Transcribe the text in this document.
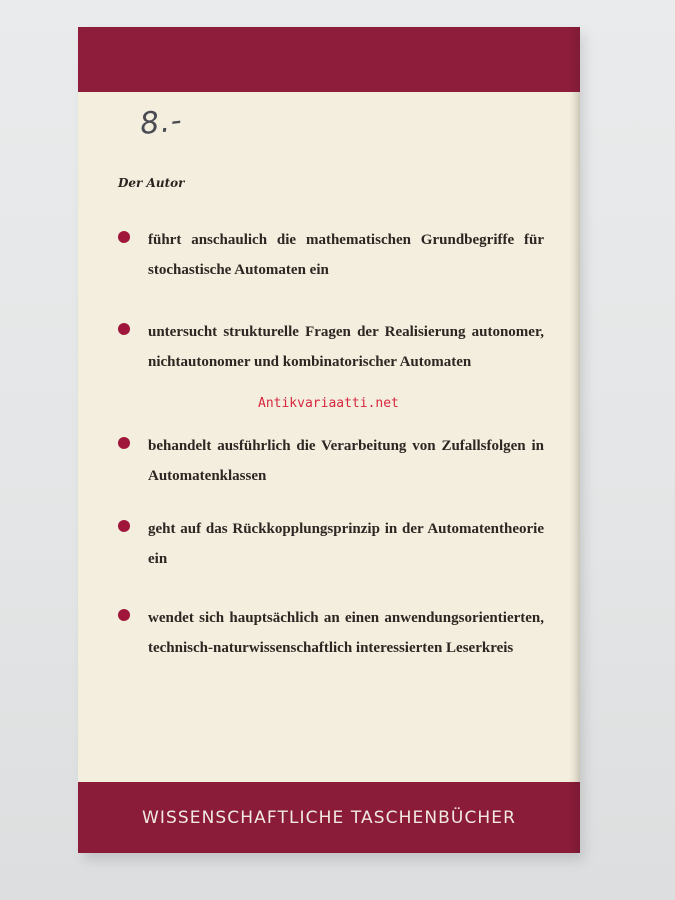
8.-
Der Autor
führt anschaulich die mathematischen Grundbegriffe für stochastische Automaten ein
untersucht strukturelle Fragen der Realisierung autonomer, nichtautonomer und kombinatorischer Automaten
behandelt ausführlich die Verarbeitung von Zufallsfolgen in Automatenklassen
geht auf das Rückkopplungsprinzip in der Automatentheorie ein
wendet sich hauptsächlich an einen anwendungsorientierten, technisch-naturwissenschaftlich interessierten Leserkreis
WISSENSCHAFTLICHE TASCHENBÜCHER
Antikvariaatti.net
